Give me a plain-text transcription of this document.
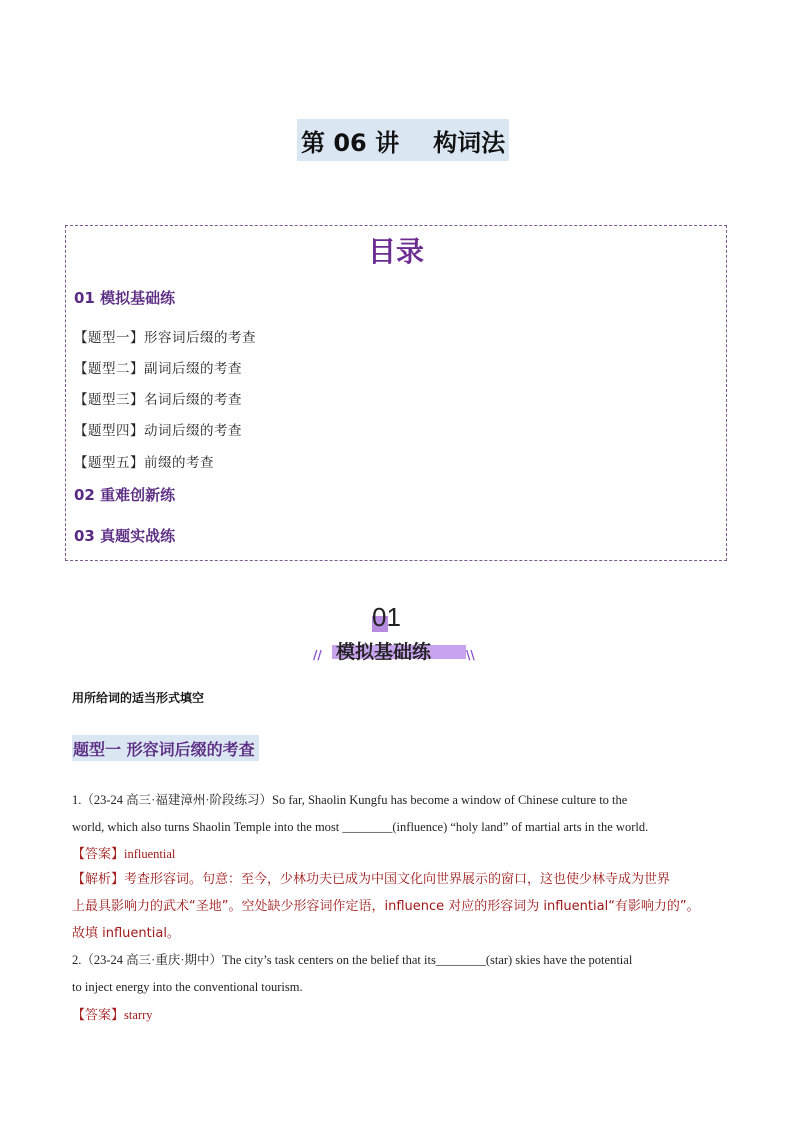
第 06 讲 构词法
目录
01 模拟基础练
【题型一】形容词后缀的考查
【题型二】副词后缀的考查
【题型三】名词后缀的考查
【题型四】动词后缀的考查
【题型五】前缀的考查
02 重难创新练
03 真题实战练
01
模拟基础练
//	\\
用所给词的适当形式填空
题型一 形容词后缀的考查
1.（23-24 高三·福建漳州·阶段练习）So far, Shaolin Kungfu has become a window of Chinese culture to the
world, which also turns Shaolin Temple into the most ________(influence) “holy land” of martial arts in the world.
【答案】influential
【解析】考查形容词。句意：至今，少林功夫已成为中国文化向世界展示的窗口，这也使少林寺成为世界
上最具影响力的武术“圣地”。空处缺少形容词作定语，influence 对应的形容词为 influential“有影响力的”。
故填 influential。
2.（23-24 高三·重庆·期中）The city’s task centers on the belief that its________(star) skies have the potential
to inject energy into the conventional tourism.
【答案】starry
